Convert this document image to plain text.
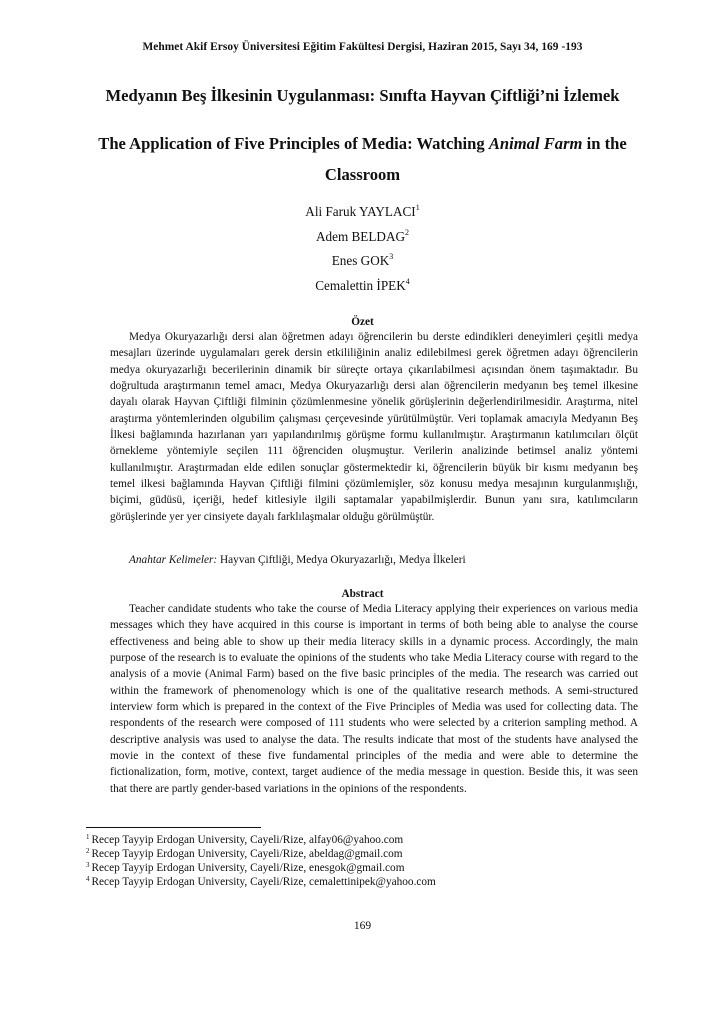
Mehmet Akif Ersoy Üniversitesi Eğitim Fakültesi Dergisi, Haziran 2015, Sayı 34, 169 -193
Medyanın Beş İlkesinin Uygulanması: Sınıfta Hayvan Çiftliği’ni İzlemek
The Application of Five Principles of Media: Watching Animal Farm in the Classroom
Ali Faruk YAYLACI$^1$
Adem BELDAG$^2$
Enes GOK$^3$
Cemalettin İPEK$^4$
Özet
Medya Okuryazarlığı dersi alan öğretmen adayı öğrencilerin bu derste edindikleri deneyimleri çeşitli medya mesajları üzerinde uygulamaları gerek dersin etkililiğinin analiz edilebilmesi gerek öğretmen adayı öğrencilerin medya okuryazarlığı becerilerinin dinamik bir süreçte ortaya çıkarılabilmesi açısından önem taşımaktadır. Bu doğrultuda araştırmanın temel amacı, Medya Okuryazarlığı dersi alan öğrencilerin medyanın beş temel ilkesine dayalı olarak Hayvan Çiftliği filminin çözümlenmesine yönelik görüşlerinin değerlendirilmesidir. Araştırma, nitel araştırma yöntemlerinden olgubilim çalışması çerçevesinde yürütülmüştür. Veri toplamak amacıyla Medyanın Beş İlkesi bağlamında hazırlanan yarı yapılandırılmış görüşme formu kullanılmıştır. Araştırmanın katılımcıları ölçüt örnekleme yöntemiyle seçilen 111 öğrenciden oluşmuştur. Verilerin analizinde betimsel analiz yöntemi kullanılmıştır. Araştırmadan elde edilen sonuçlar göstermektedir ki, öğrencilerin büyük bir kısmı medyanın beş temel ilkesi bağlamında Hayvan Çiftliği filmini çözümlemişler, söz konusu medya mesajının kurgulanmışlığı, biçimi, güdüsü, içeriği, hedef kitlesiyle ilgili saptamalar yapabilmişlerdir. Bunun yanı sıra, katılımcıların görüşlerinde yer yer cinsiyete dayalı farklılaşmalar olduğu görülmüştür.
Anahtar Kelimeler: Hayvan Çiftliği, Medya Okuryazarlığı, Medya İlkeleri
Abstract
Teacher candidate students who take the course of Media Literacy applying their experiences on various media messages which they have acquired in this course is important in terms of both being able to analyse the course effectiveness and being able to show up their media literacy skills in a dynamic process. Accordingly, the main purpose of the research is to evaluate the opinions of the students who take Media Literacy course with regard to the analysis of a movie (Animal Farm) based on the five basic principles of the media. The research was carried out within the framework of phenomenology which is one of the qualitative research methods. A semi-structured interview form which is prepared in the context of the Five Principles of Media was used for collecting data. The respondents of the research were composed of 111 students who were selected by a criterion sampling method. A descriptive analysis was used to analyse the data. The results indicate that most of the students have analysed the movie in the context of these five fundamental principles of the media and were able to determine the fictionalization, form, motive, context, target audience of the media message in question. Beside this, it was seen that there are partly gender-based variations in the opinions of the respondents.
$^1$ Recep Tayyip Erdogan University, Cayeli/Rize, alfay06@yahoo.com
$^2$ Recep Tayyip Erdogan University, Cayeli/Rize, abeldag@gmail.com
$^3$ Recep Tayyip Erdogan University, Cayeli/Rize, enesgok@gmail.com
$^4$ Recep Tayyip Erdogan University, Cayeli/Rize, cemalettinipek@yahoo.com
169
